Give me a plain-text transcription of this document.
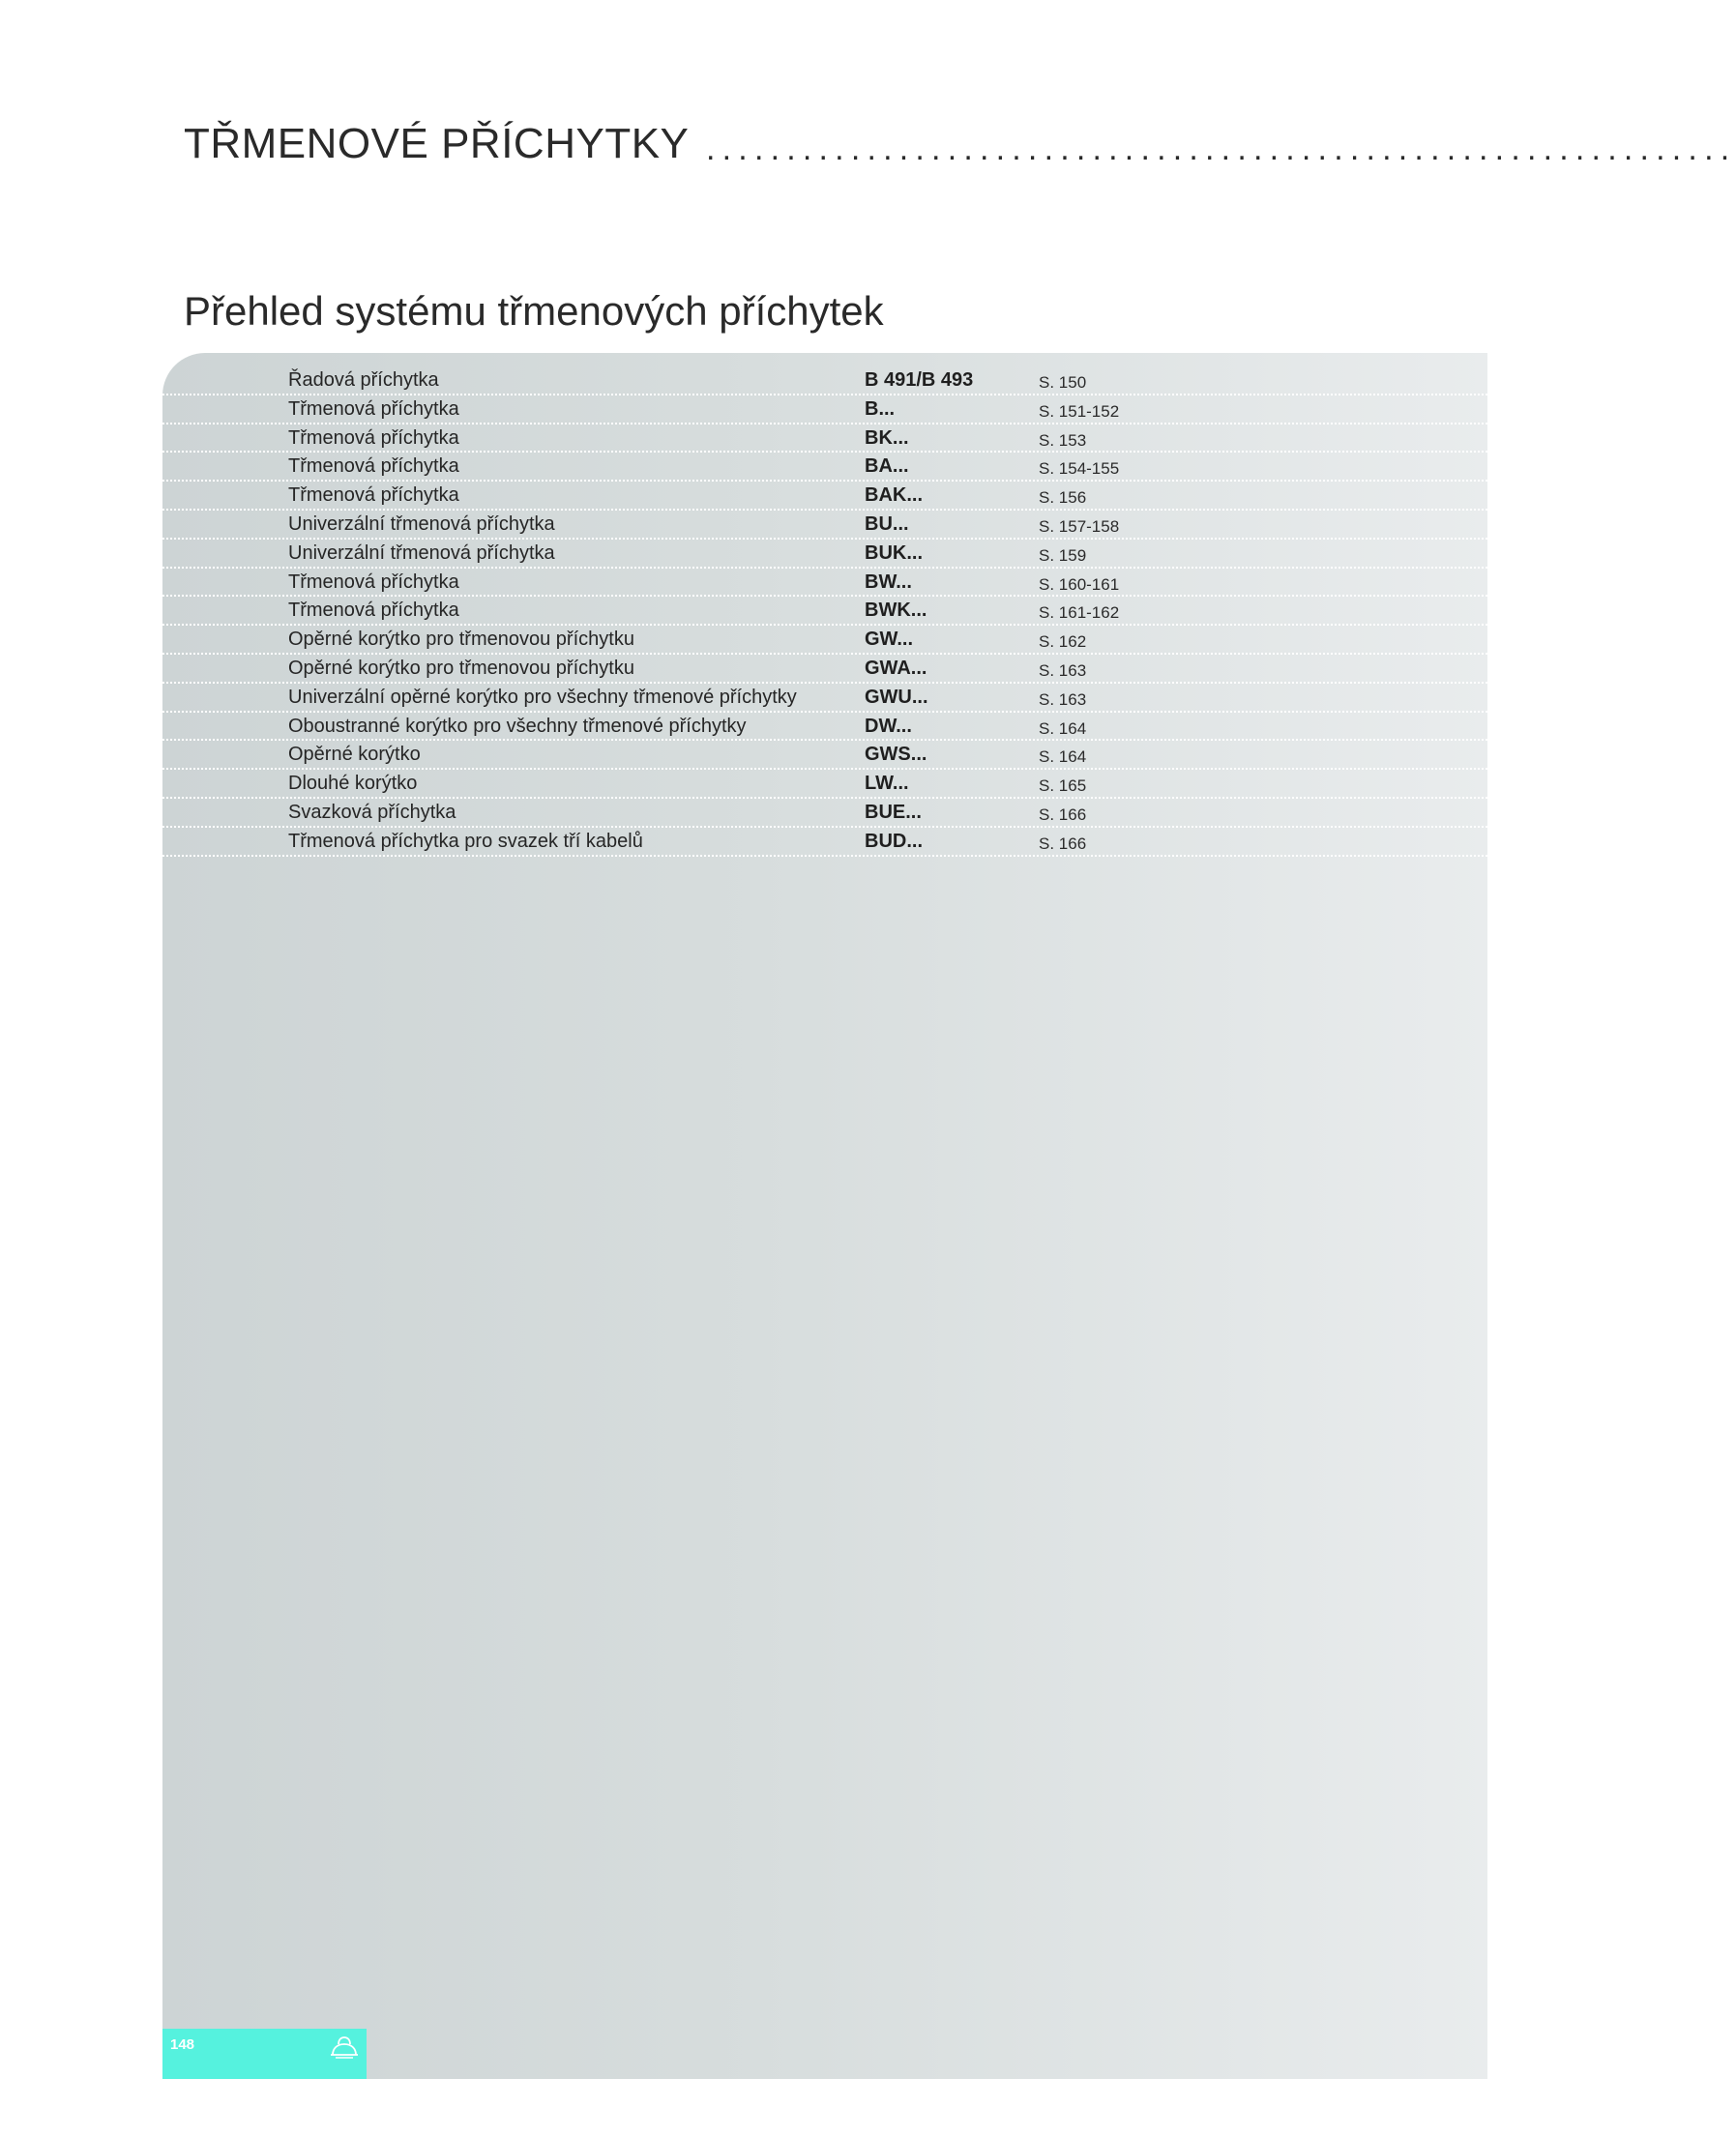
TŘMENOVÉ PŘÍCHYTKY ................................................................
Přehled systému třmenových příchytek
Řadová příchytka	B 491/B 493	S. 150
Třmenová příchytka	B...	S. 151-152
Třmenová příchytka	BK...	S. 153
Třmenová příchytka	BA...	S. 154-155
Třmenová příchytka	BAK...	S. 156
Univerzální třmenová příchytka	BU...	S. 157-158
Univerzální třmenová příchytka	BUK...	S. 159
Třmenová příchytka	BW...	S. 160-161
Třmenová příchytka	BWK...	S. 161-162
Opěrné korýtko pro třmenovou příchytku	GW...	S. 162
Opěrné korýtko pro třmenovou příchytku	GWA...	S. 163
Univerzální opěrné korýtko pro všechny třmenové příchytky	GWU...	S. 163
Oboustranné korýtko pro všechny třmenové příchytky	DW...	S. 164
Opěrné korýtko	GWS...	S. 164
Dlouhé korýtko	LW...	S. 165
Svazková příchytka	BUE...	S. 166
Třmenová příchytka pro svazek tří kabelů	BUD...	S. 166
148
